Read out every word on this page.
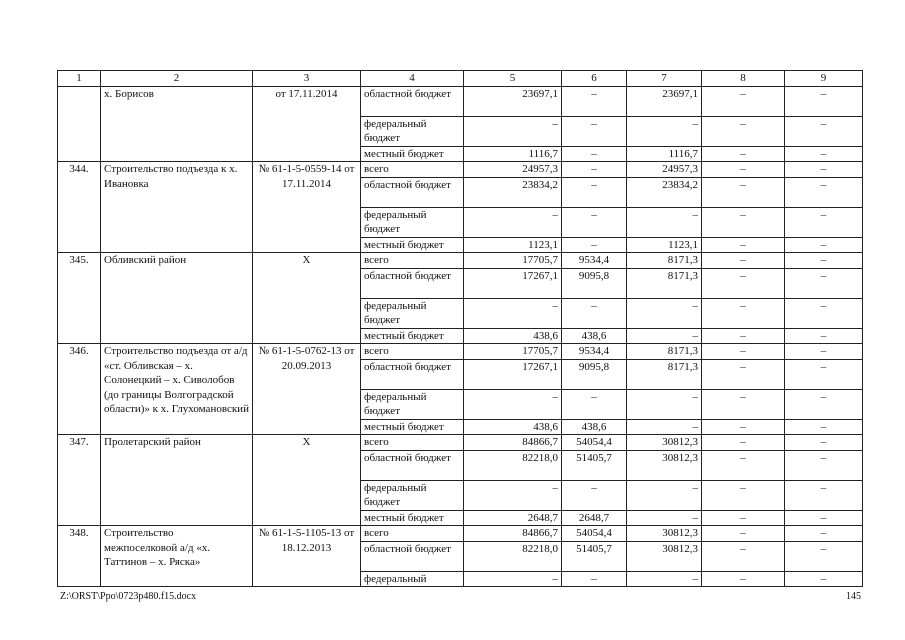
1	2	3	4	5	6	7	8	9
	х. Борисов	от 17.11.2014	областной бюджет	23697,1	–	23697,1	–	–
			федеральный бюджет	–	–	–	–	–
			местный бюджет	1116,7	–	1116,7	–	–
344.	Строительство подъезда к х. Ивановка	№ 61-1-5-0559-14 от 17.11.2014	всего	24957,3	–	24957,3	–	–
			областной бюджет	23834,2	–	23834,2	–	–
			федеральный бюджет	–	–	–	–	–
			местный бюджет	1123,1	–	1123,1	–	–
345.	Обливский район	Х	всего	17705,7	9534,4	8171,3	–	–
			областной бюджет	17267,1	9095,8	8171,3	–	–
			федеральный бюджет	–	–	–	–	–
			местный бюджет	438,6	438,6	–	–	–
346.	Строительство подъезда от а/д «ст. Обливская – х. Солонецкий – х. Сиволобов (до границы Волгоградской области)» к х. Глухомановский	№ 61-1-5-0762-13 от 20.09.2013	всего	17705,7	9534,4	8171,3	–	–
			областной бюджет	17267,1	9095,8	8171,3	–	–
			федеральный бюджет	–	–	–	–	–
			местный бюджет	438,6	438,6	–	–	–
347.	Пролетарский район	Х	всего	84866,7	54054,4	30812,3	–	–
			областной бюджет	82218,0	51405,7	30812,3	–	–
			федеральный бюджет	–	–	–	–	–
			местный бюджет	2648,7	2648,7	–	–	–
348.	Строительство межпоселковой а/д «х. Таттинов – х. Ряска»	№ 61-1-5-1105-13 от 18.12.2013	всего	84866,7	54054,4	30812,3	–	–
			областной бюджет	82218,0	51405,7	30812,3	–	–
			федеральный	–	–	–	–	–
Z:\ORST\Ppo\0723p480.f15.docx	145
